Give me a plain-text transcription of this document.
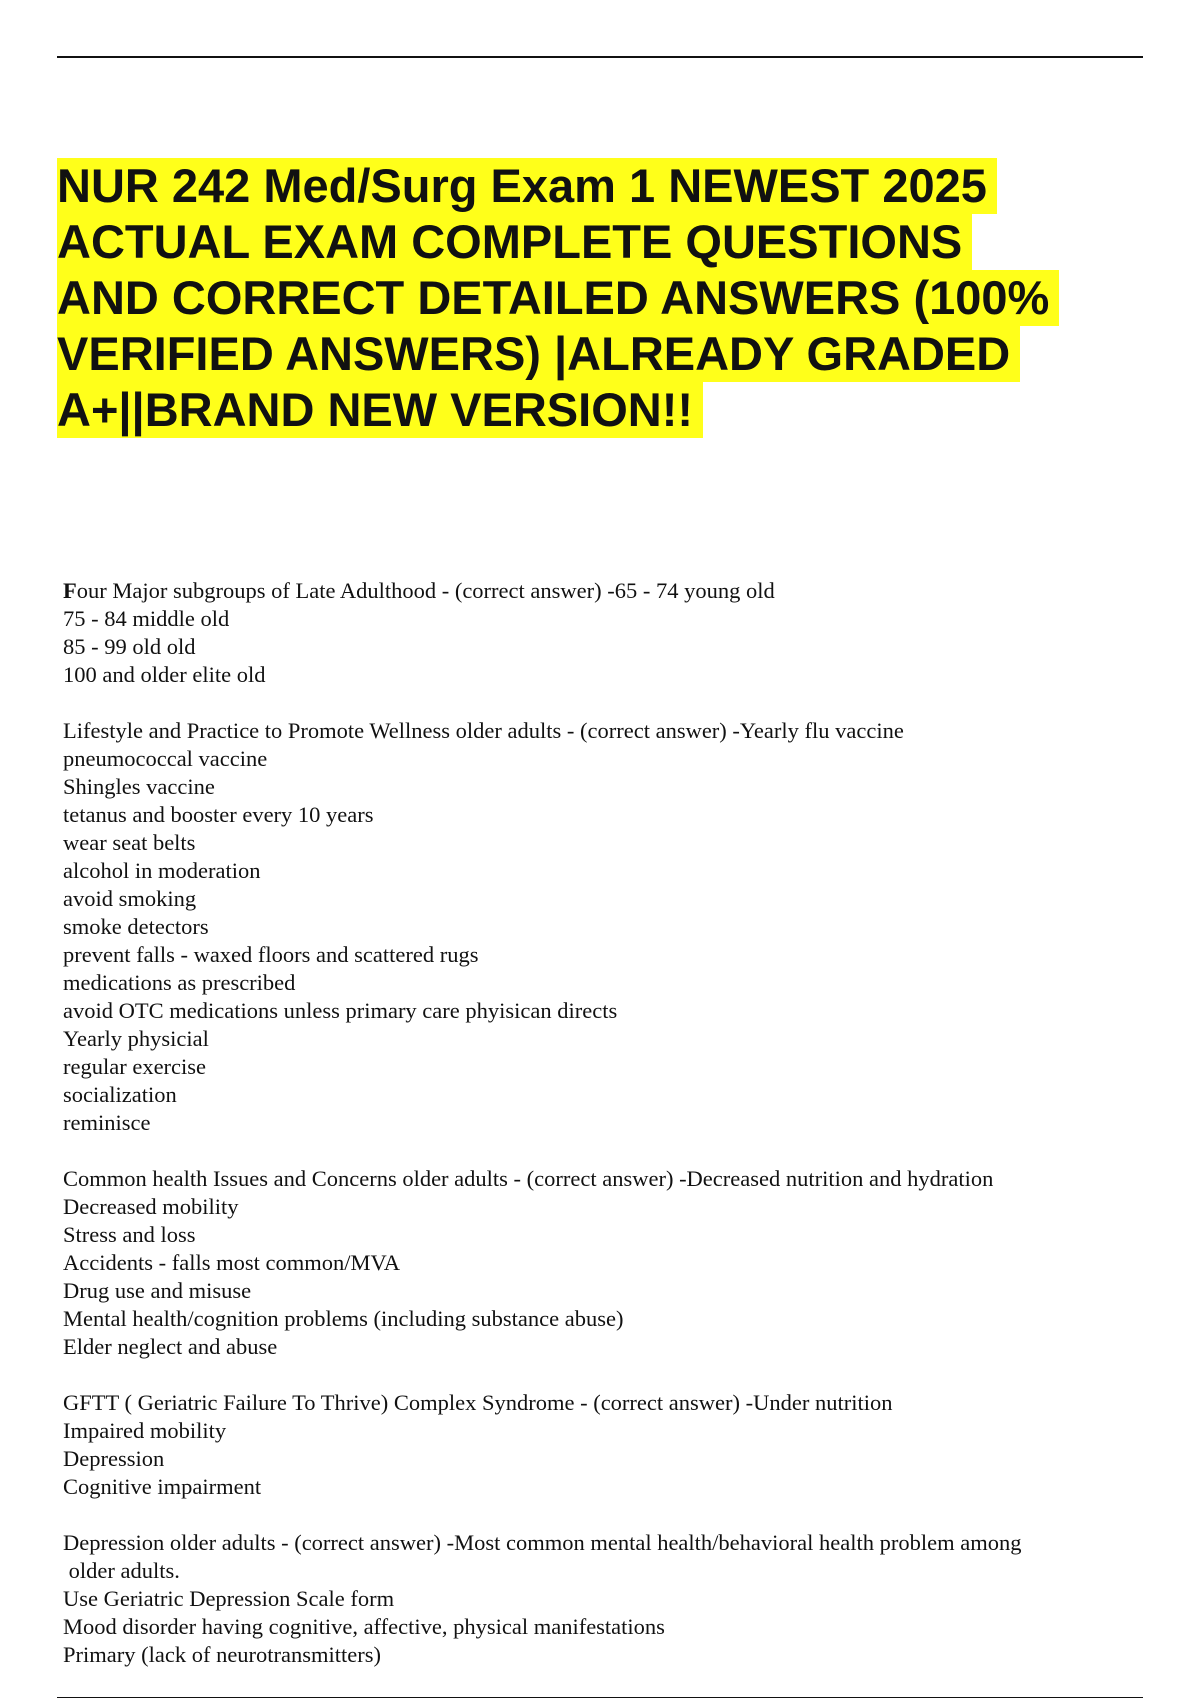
NUR 242 Med/Surg Exam 1 NEWEST 2025
ACTUAL EXAM COMPLETE QUESTIONS
AND CORRECT DETAILED ANSWERS (100%
VERIFIED ANSWERS) |ALREADY GRADED
A+||BRAND NEW VERSION!!
Four Major subgroups of Late Adulthood - (correct answer) -65 - 74 young old
75 - 84 middle old
85 - 99 old old
100 and older elite old
Lifestyle and Practice to Promote Wellness older adults - (correct answer) -Yearly flu vaccine
pneumococcal vaccine
Shingles vaccine
tetanus and booster every 10 years
wear seat belts
alcohol in moderation
avoid smoking
smoke detectors
prevent falls - waxed floors and scattered rugs
medications as prescribed
avoid OTC medications unless primary care phyisican directs
Yearly physicial
regular exercise
socialization
reminisce
Common health Issues and Concerns older adults - (correct answer) -Decreased nutrition and hydration
Decreased mobility
Stress and loss
Accidents - falls most common/MVA
Drug use and misuse
Mental health/cognition problems (including substance abuse)
Elder neglect and abuse
GFTT ( Geriatric Failure To Thrive) Complex Syndrome - (correct answer) -Under nutrition
Impaired mobility
Depression
Cognitive impairment
Depression older adults - (correct answer) -Most common mental health/behavioral health problem among
older adults.
Use Geriatric Depression Scale form
Mood disorder having cognitive, affective, physical manifestations
Primary (lack of neurotransmitters)
